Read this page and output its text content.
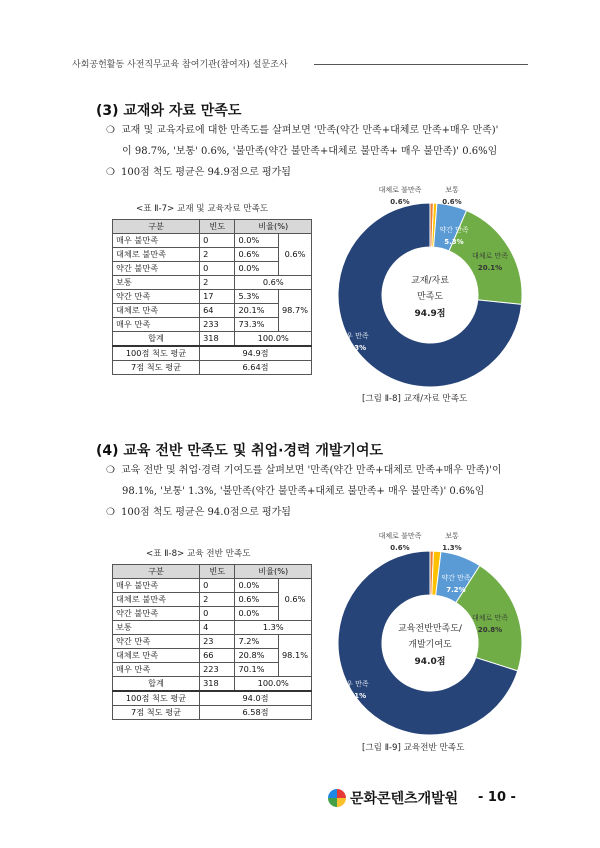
사회공헌활동 사전직무교육 참여기관(참여자) 설문조사
(3) 교재와 자료 만족도
❍ 교재 및 교육자료에 대한 만족도를 살펴보면 '만족(약간 만족+대체로 만족+매우 만족)'
이 98.7%, '보통' 0.6%, '불만족(약간 불만족+대체로 불만족+ 매우 불만족)' 0.6%임
❍ 100점 척도 평균은 94.9점으로 평가됨
<표 Ⅱ-7> 교재 및 교육자료 만족도
구분	빈도	비율(%)	
매우 불만족	0	0.0%	0.6%
대체로 불만족	2	0.6%	
약간 불만족	0	0.0%	
보통	2	0.6%	
약간 만족	17	5.3%	98.7%
대체로 만족	64	20.1%	
매우 만족	233	73.3%	
합계	318	100.0%	
100점 척도 평균	94.9점		
7점 척도 평균	6.64점		
대체로 불만족
0.6%
보통
0.6%
약간 만족
5.3%
대체로 만족
20.1%
매우 만족
73.3%
교재/자료
만족도
94.9점
[그림 Ⅱ-8] 교재/자료 만족도
(4) 교육 전반 만족도 및 취업·경력 개발기여도
❍ 교육 전반 및 취업·경력 기여도를 살펴보면 '만족(약간 만족+대체로 만족+매우 만족)'이
98.1%, '보통' 1.3%, '불만족(약간 불만족+대체로 불만족+ 매우 불만족)' 0.6%임
❍ 100점 척도 평균은 94.0점으로 평가됨
<표 Ⅱ-8> 교육 전반 만족도
구분	빈도	비율(%)	
매우 불만족	0	0.0%	0.6%
대체로 불만족	2	0.6%	
약간 불만족	0	0.0%	
보통	4	1.3%	
약간 만족	23	7.2%	98.1%
대체로 만족	66	20.8%	
매우 만족	223	70.1%	
합계	318	100.0%	
100점 척도 평균	94.0점		
7점 척도 평균	6.58점		
대체로 불만족
0.6%
보통
1.3%
약간 만족
7.2%
대체로 만족
20.8%
매우 만족
70.1%
교육전반만족도/
개발기여도
94.0점
[그림 Ⅱ-9] 교육전반 만족도
문화콘텐츠개발원 - 10 -
